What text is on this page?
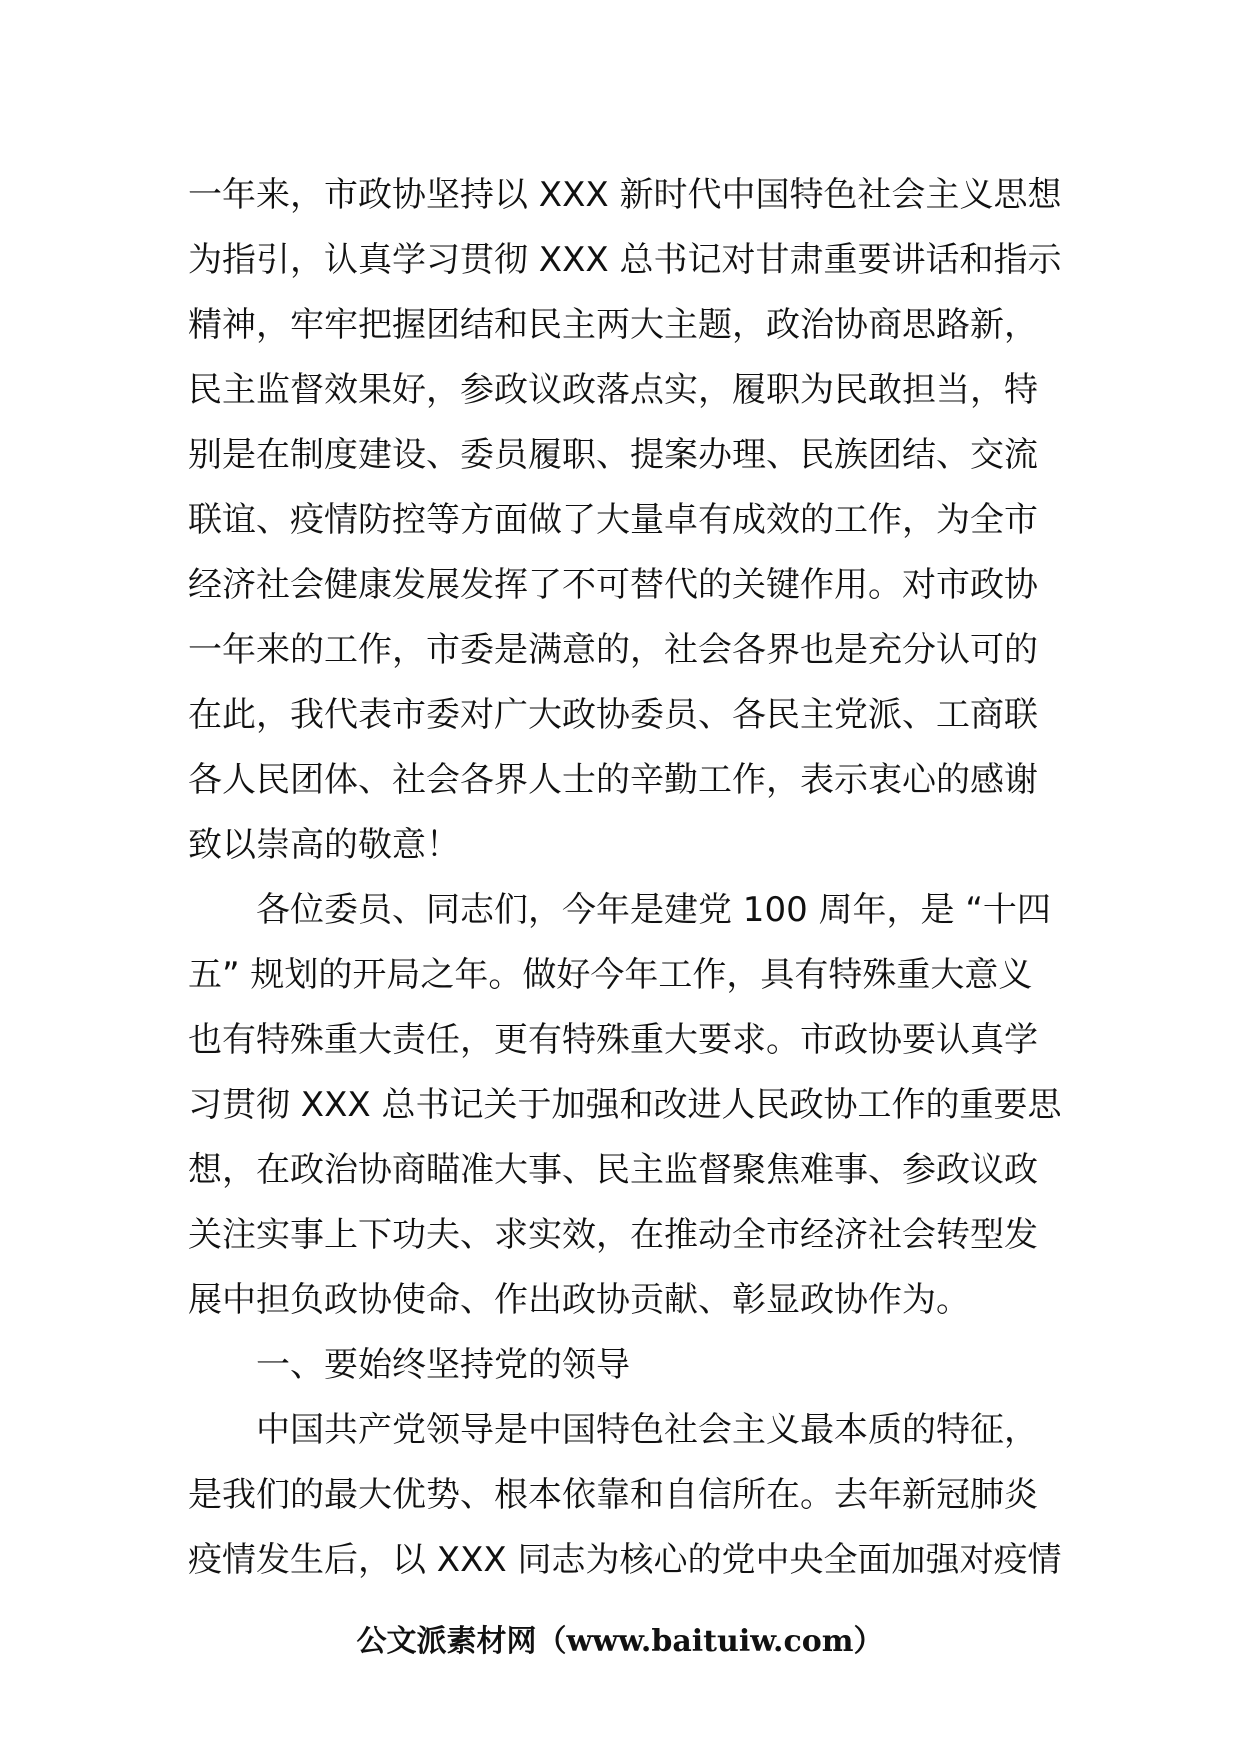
一年来，市政协坚持以 XXX 新时代中国特色社会主义思想
为指引，认真学习贯彻 XXX 总书记对甘肃重要讲话和指示
精神，牢牢把握团结和民主两大主题，政治协商思路新，
民主监督效果好，参政议政落点实，履职为民敢担当，特
别是在制度建设、委员履职、提案办理、民族团结、交流
联谊、疫情防控等方面做了大量卓有成效的工作，为全市
经济社会健康发展发挥了不可替代的关键作用。对市政协
一年来的工作，市委是满意的，社会各界也是充分认可的
在此，我代表市委对广大政协委员、各民主党派、工商联
各人民团体、社会各界人士的辛勤工作，表示衷心的感谢
致以崇高的敬意！
各位委员、同志们，今年是建党 100 周年，是 “十四
五” 规划的开局之年。做好今年工作，具有特殊重大意义
也有特殊重大责任，更有特殊重大要求。市政协要认真学
习贯彻 XXX 总书记关于加强和改进人民政协工作的重要思
想，在政治协商瞄准大事、民主监督聚焦难事、参政议政
关注实事上下功夫、求实效，在推动全市经济社会转型发
展中担负政协使命、作出政协贡献、彰显政协作为。
一、要始终坚持党的领导
中国共产党领导是中国特色社会主义最本质的特征，
是我们的最大优势、根本依靠和自信所在。去年新冠肺炎
疫情发生后，以 XXX 同志为核心的党中央全面加强对疫情
公文派素材网（www.baituiw.com）
